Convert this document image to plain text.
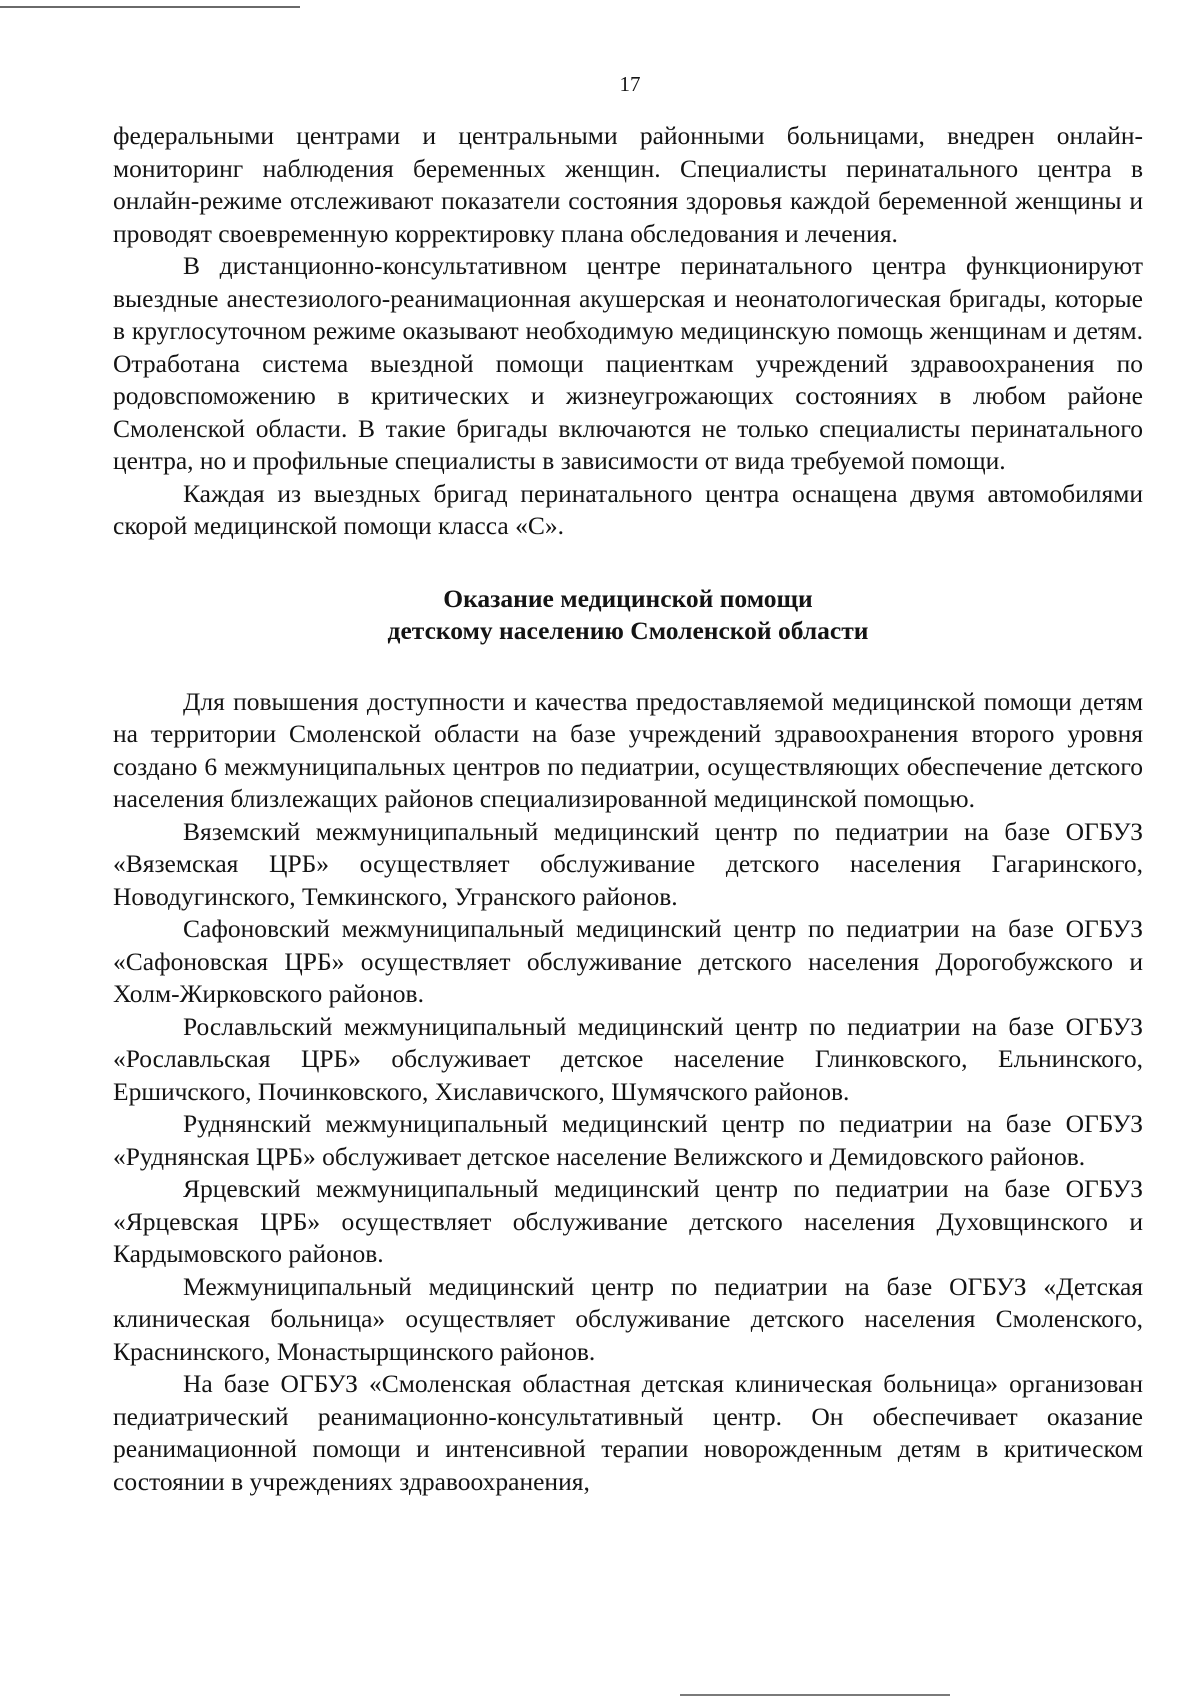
17

федеральными центрами и центральными районными больницами, внедрен онлайн-мониторинг наблюдения беременных женщин. Специалисты перинатального центра в онлайн-режиме отслеживают показатели состояния здоровья каждой беременной женщины и проводят своевременную корректировку плана обследования и лечения.

В дистанционно-консультативном центре перинатального центра функционируют выездные анестезиолого-реанимационная акушерская и неонатологическая бригады, которые в круглосуточном режиме оказывают необходимую медицинскую помощь женщинам и детям. Отработана система выездной помощи пациенткам учреждений здравоохранения по родовспоможению в критических и жизнеугрожающих состояниях в любом районе Смоленской области. В такие бригады включаются не только специалисты перинатального центра, но и профильные специалисты в зависимости от вида требуемой помощи.

Каждая из выездных бригад перинатального центра оснащена двумя автомобилями скорой медицинской помощи класса «С».

Оказание медицинской помощи
детскому населению Смоленской области

Для повышения доступности и качества предоставляемой медицинской помощи детям на территории Смоленской области на базе учреждений здравоохранения второго уровня создано 6 межмуниципальных центров по педиатрии, осуществляющих обеспечение детского населения близлежащих районов специализированной медицинской помощью.

Вяземский межмуниципальный медицинский центр по педиатрии на базе ОГБУЗ «Вяземская ЦРБ» осуществляет обслуживание детского населения Гагаринского, Новодугинского, Темкинского, Угранского районов.

Сафоновский межмуниципальный медицинский центр по педиатрии на базе ОГБУЗ «Сафоновская ЦРБ» осуществляет обслуживание детского населения Дорогобужского и Холм-Жирковского районов.

Рославльский межмуниципальный медицинский центр по педиатрии на базе ОГБУЗ «Рославльская ЦРБ» обслуживает детское население Глинковского, Ельнинского, Ершичского, Починковского, Хиславичского, Шумячского районов.

Руднянский межмуниципальный медицинский центр по педиатрии на базе ОГБУЗ «Руднянская ЦРБ» обслуживает детское население Велижского и Демидовского районов.

Ярцевский межмуниципальный медицинский центр по педиатрии на базе ОГБУЗ «Ярцевская ЦРБ» осуществляет обслуживание детского населения Духовщинского и Кардымовского районов.

Межмуниципальный медицинский центр по педиатрии на базе ОГБУЗ «Детская клиническая больница» осуществляет обслуживание детского населения Смоленского, Краснинского, Монастырщинского районов.

На базе ОГБУЗ «Смоленская областная детская клиническая больница» организован педиатрический реанимационно-консультативный центр. Он обеспечивает оказание реанимационной помощи и интенсивной терапии новорожденным детям в критическом состоянии в учреждениях здравоохранения,
